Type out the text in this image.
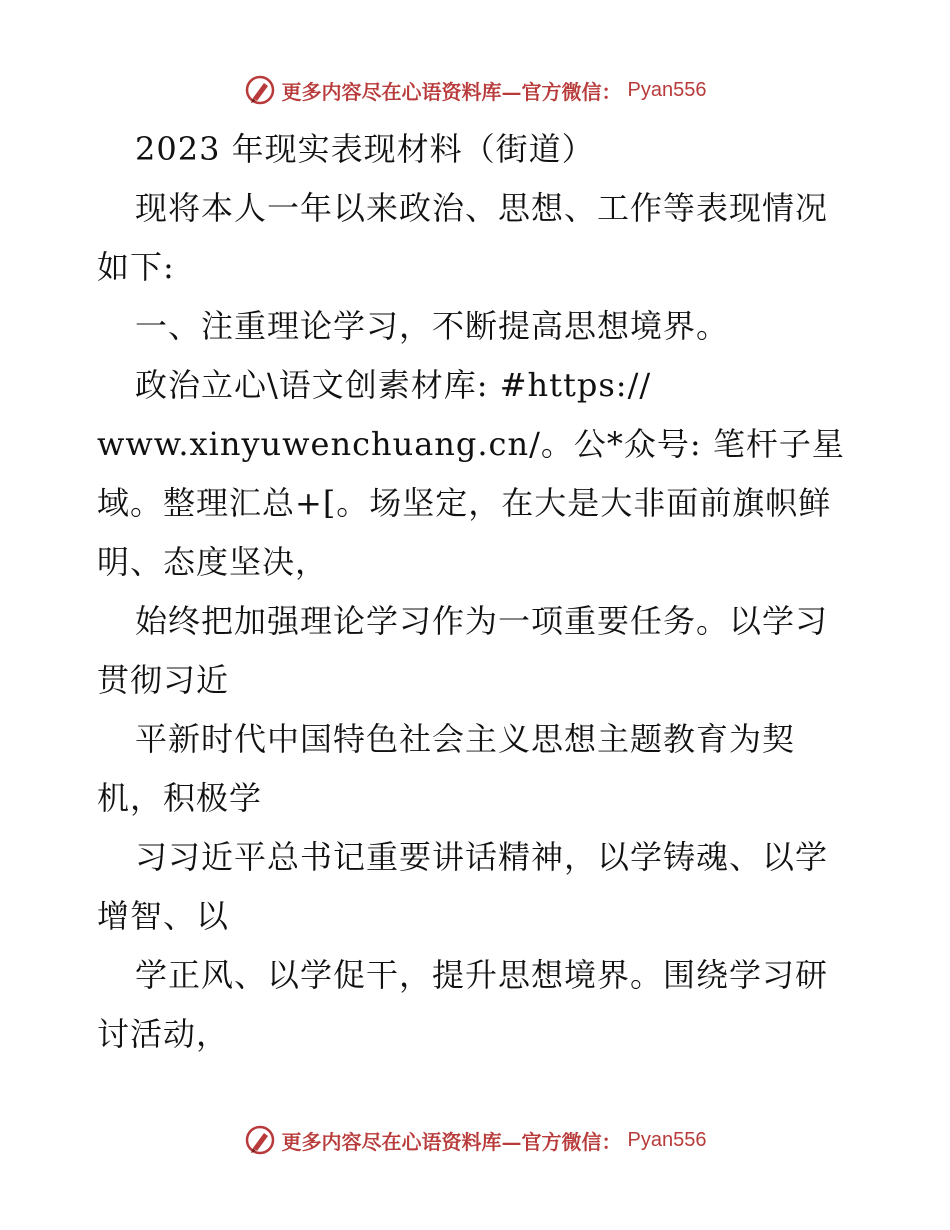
更多内容尽在心语资料库—官方微信： Pyan556
2023 年现实表现材料（街道）
现将本人一年以来政治、思想、工作等表现情况
如下:
一、注重理论学习，不断提高思想境界。
政治立心\语文创素材库: #https://
www.xinyuwenchuang.cn/。公*众号: 笔杆子星
域。整理汇总+[。场坚定，在大是大非面前旗帜鲜
明、态度坚决，
始终把加强理论学习作为一项重要任务。以学习
贯彻习近
平新时代中国特色社会主义思想主题教育为契
机，积极学
习习近平总书记重要讲话精神，以学铸魂、以学
增智、以
学正风、以学促干，提升思想境界。围绕学习研
讨活动，
更多内容尽在心语资料库—官方微信： Pyan556
